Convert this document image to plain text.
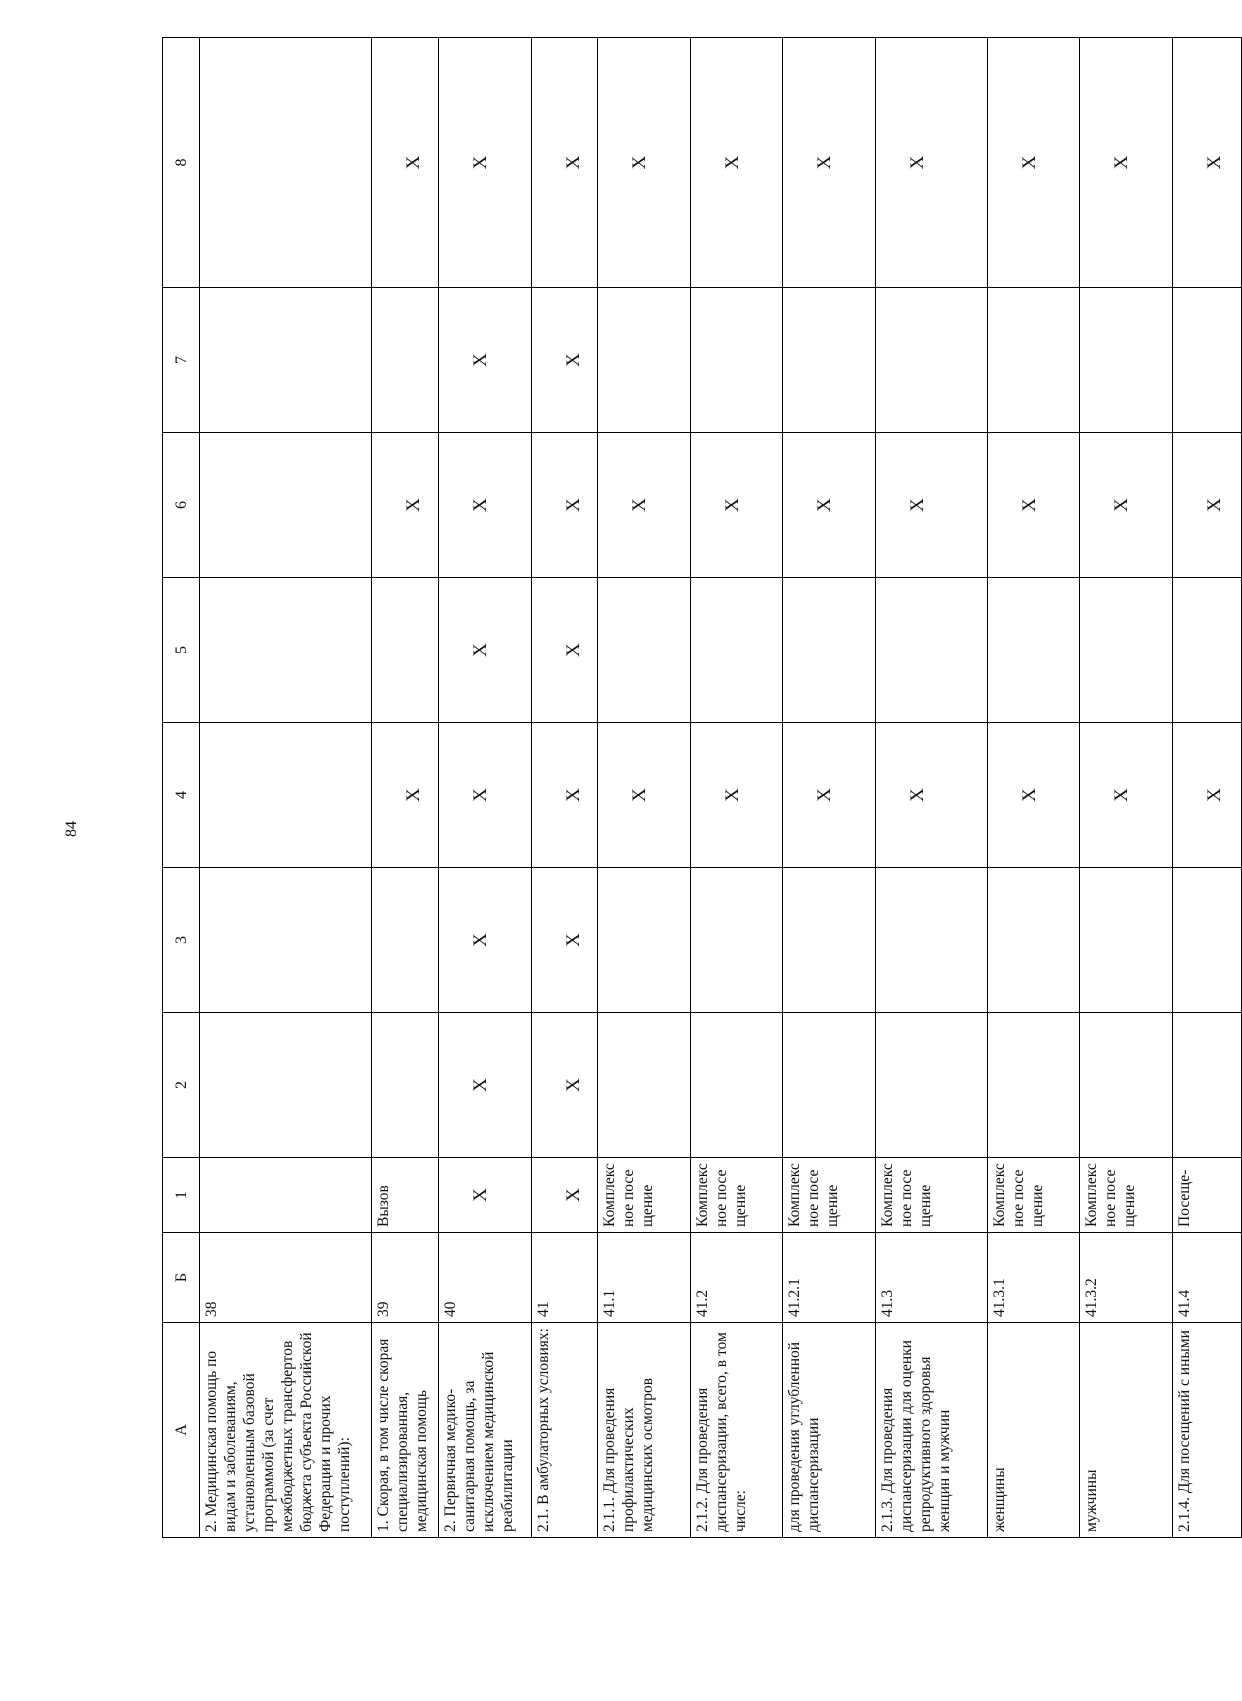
84
А	Б	1	2	3	4	5	6	7	8
2. Медицинская помощь по видам и заболеваниям, установленным базовой программой (за счет межбюджетных трансфертов бюджета субъекта Российской Федерации и прочих поступлений):	38								
1. Скорая, в том числе скорая специализированная, медицинская помощь	39	Вызов			X		X		X
2. Первичная медико-санитарная помощь, за исключением медицинской реабилитации	40	X	X	X	X	X	X	X	X
2.1. В амбулаторных условиях:	41	X	X	X	X	X	X	X	X
2.1.1. Для проведения профилактических медицинских осмотров	41.1	Комплексное посещение			X		X		X
2.1.2. Для проведения диспансеризации, всего, в том числе:	41.2	Комплексное посещение			X		X		X
для проведения углубленной диспансеризации	41.2.1	Комплексное посещение			X		X		X
2.1.3. Для проведения диспансеризации для оценки репродуктивного здоровья женщин и мужчин	41.3	Комплексное посещение			X		X		X
женщины	41.3.1	Комплексное посещение			X		X		X
мужчины	41.3.2	Комплексное посещение			X		X		X
2.1.4. Для посещений с иными	41.4	Посеще-			X		X		X
